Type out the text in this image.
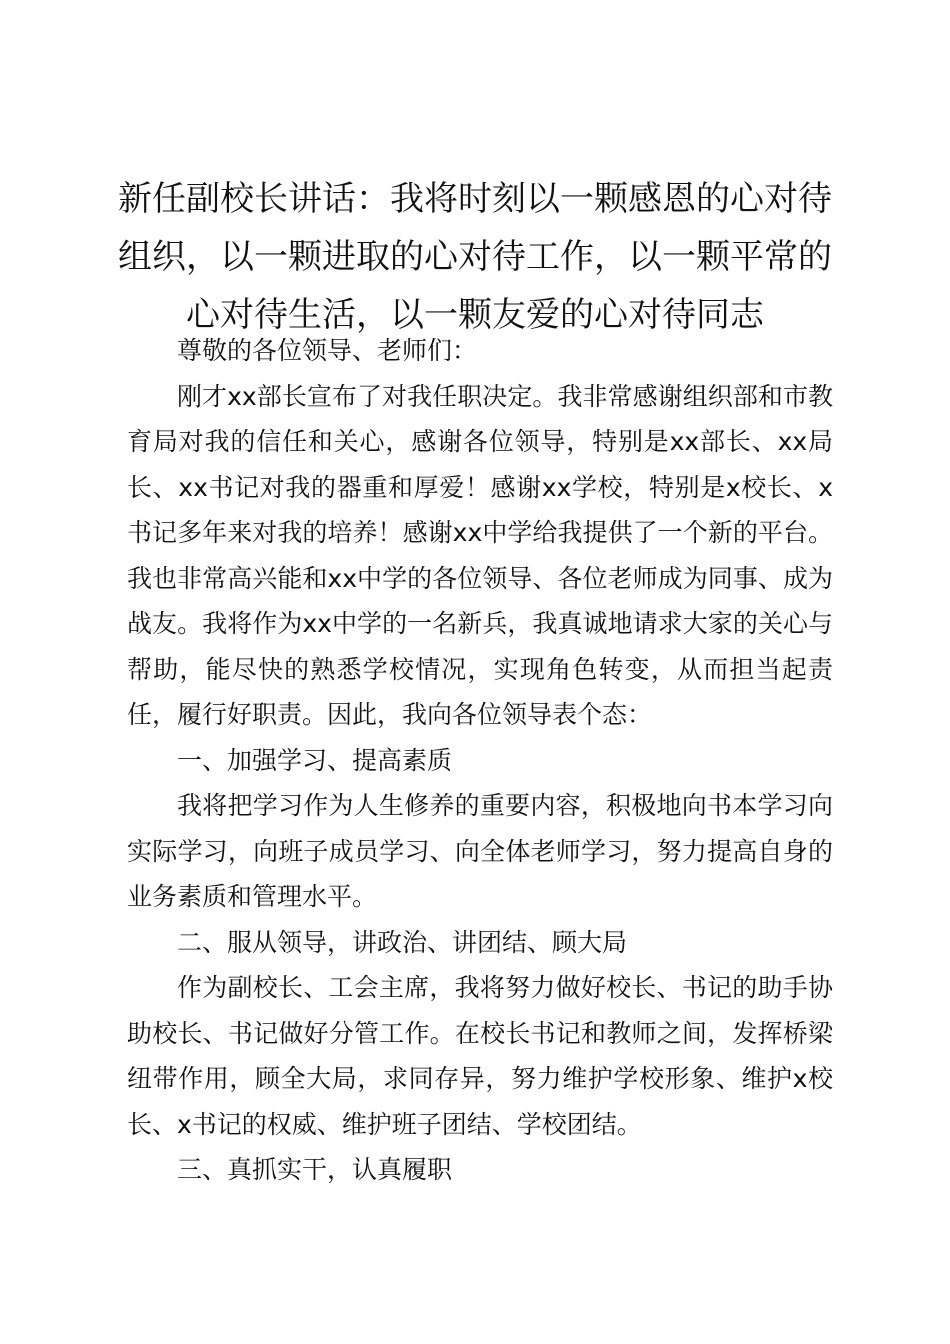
新任副校长讲话：我将时刻以一颗感恩的心对待组织，以一颗进取的心对待工作，以一颗平常的心对待生活，以一颗友爱的心对待同志

尊敬的各位领导、老师们：

刚才xx部长宣布了对我任职决定。我非常感谢组织部和市教育局对我的信任和关心，感谢各位领导，特别是xx部长、xx局长、xx书记对我的器重和厚爱！感谢xx学校，特别是x校长、x书记多年来对我的培养！感谢xx中学给我提供了一个新的平台。我也非常高兴能和xx中学的各位领导、各位老师成为同事、成为战友。我将作为xx中学的一名新兵，我真诚地请求大家的关心与帮助，能尽快的熟悉学校情况，实现角色转变，从而担当起责任，履行好职责。因此，我向各位领导表个态：

一、加强学习、提高素质

我将把学习作为人生修养的重要内容，积极地向书本学习向实际学习，向班子成员学习、向全体老师学习，努力提高自身的业务素质和管理水平。

二、服从领导，讲政治、讲团结、顾大局

作为副校长、工会主席，我将努力做好校长、书记的助手协助校长、书记做好分管工作。在校长书记和教师之间，发挥桥梁纽带作用，顾全大局，求同存异，努力维护学校形象、维护x校长、x书记的权威、维护班子团结、学校团结。

三、真抓实干，认真履职
